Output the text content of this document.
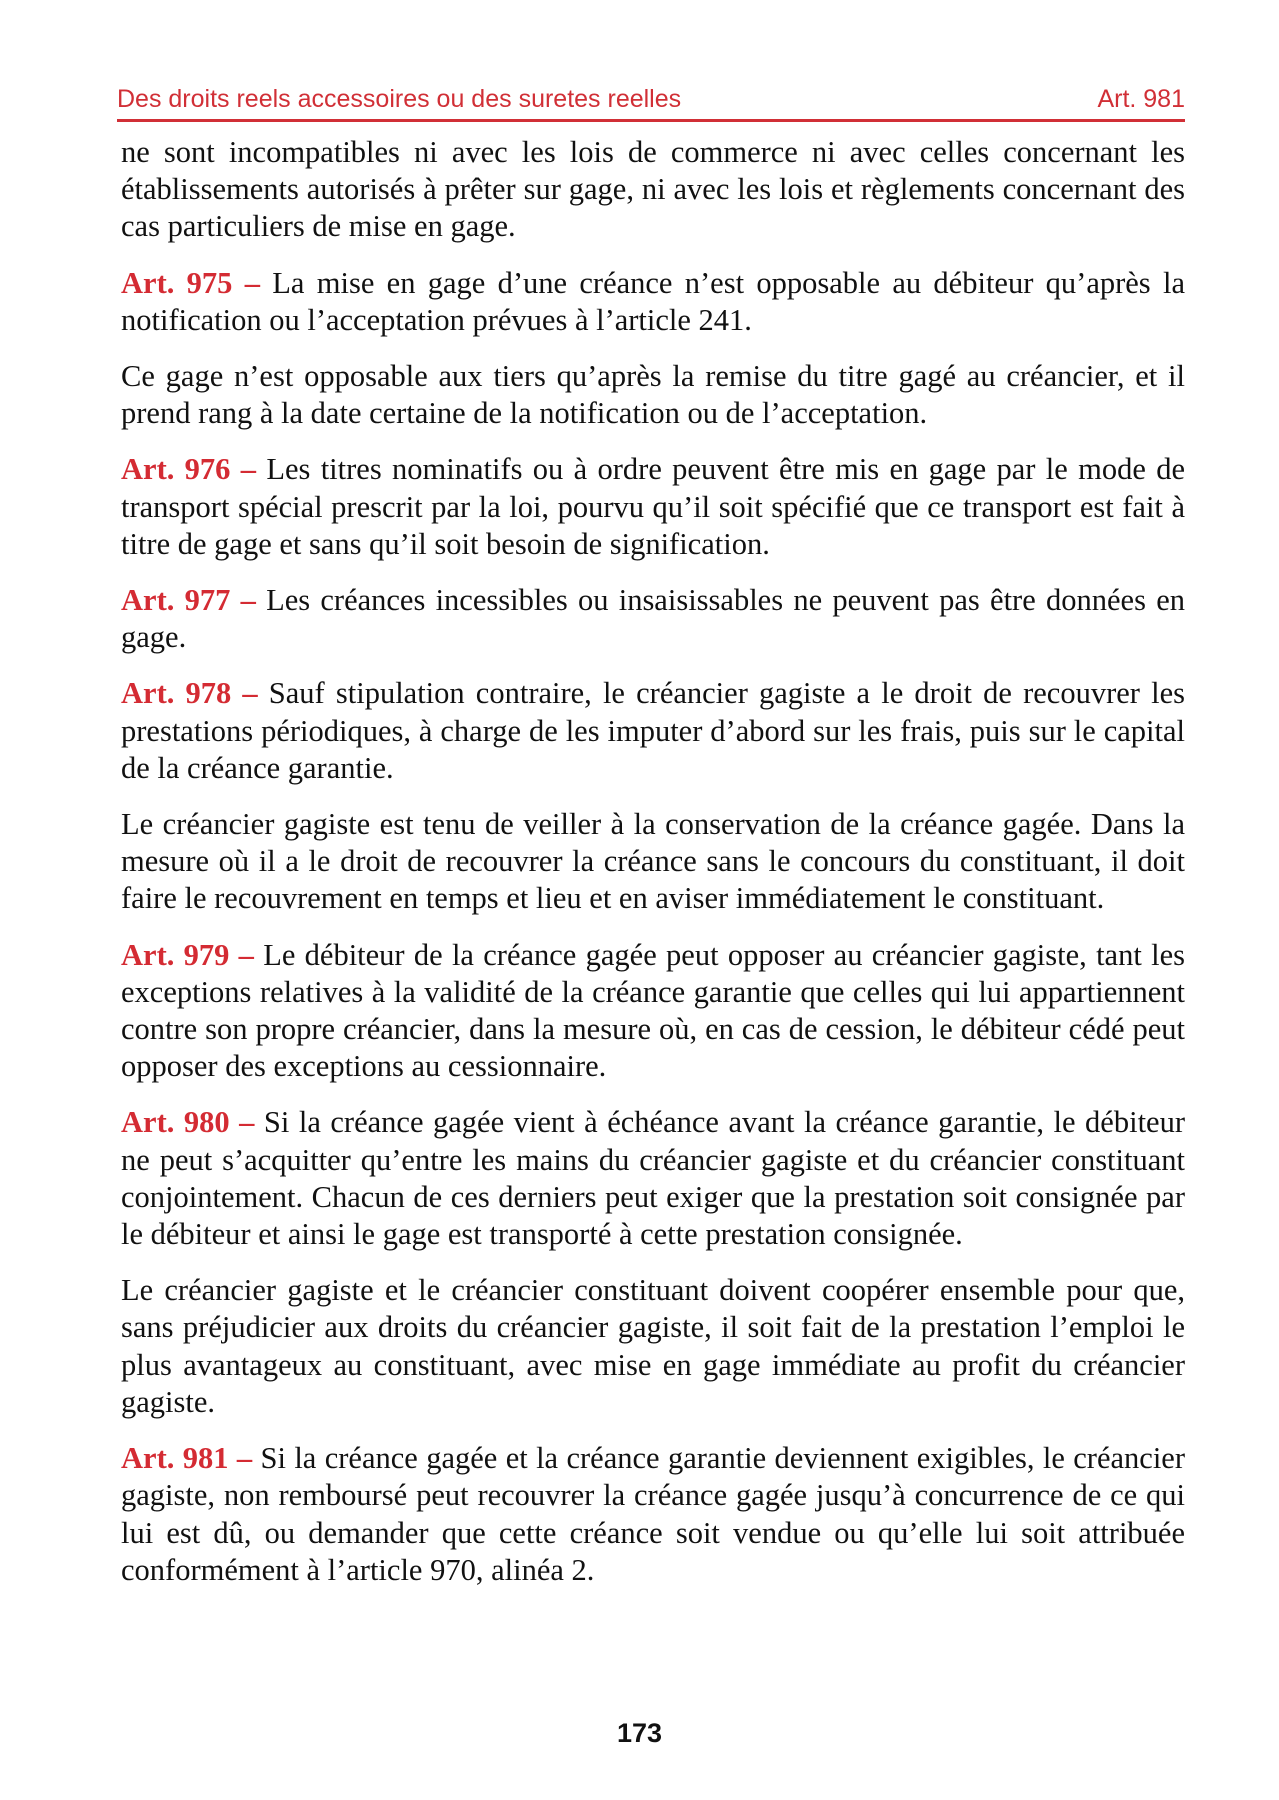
Des droits reels accessoires ou des suretes reelles	Art. 981

ne sont incompatibles ni avec les lois de commerce ni avec celles concernant les établissements autorisés à prêter sur gage, ni avec les lois et règlements concernant des cas particuliers de mise en gage.

Art. 975 – La mise en gage d’une créance n’est opposable au débiteur qu’après la notification ou l’acceptation prévues à l’article 241.

Ce gage n’est opposable aux tiers qu’après la remise du titre gagé au créancier, et il prend rang à la date certaine de la notification ou de l’acceptation.

Art. 976 – Les titres nominatifs ou à ordre peuvent être mis en gage par le mode de transport spécial prescrit par la loi, pourvu qu’il soit spécifié que ce transport est fait à titre de gage et sans qu’il soit besoin de signification.

Art. 977 – Les créances incessibles ou insaisissables ne peuvent pas être données en gage.

Art. 978 – Sauf stipulation contraire, le créancier gagiste a le droit de recouvrer les prestations périodiques, à charge de les imputer d’abord sur les frais, puis sur le capital de la créance garantie.

Le créancier gagiste est tenu de veiller à la conservation de la créance gagée. Dans la mesure où il a le droit de recouvrer la créance sans le concours du constituant, il doit faire le recouvrement en temps et lieu et en aviser immédiatement le constituant.

Art. 979 – Le débiteur de la créance gagée peut opposer au créancier gagiste, tant les exceptions relatives à la validité de la créance garantie que celles qui lui appartiennent contre son propre créancier, dans la mesure où, en cas de cession, le débiteur cédé peut opposer des exceptions au cessionnaire.

Art. 980 – Si la créance gagée vient à échéance avant la créance garantie, le débiteur ne peut s’acquitter qu’entre les mains du créancier gagiste et du créancier constituant conjointement. Chacun de ces derniers peut exiger que la prestation soit consignée par le débiteur et ainsi le gage est transporté à cette prestation consignée.

Le créancier gagiste et le créancier constituant doivent coopérer ensemble pour que, sans préjudicier aux droits du créancier gagiste, il soit fait de la prestation l’emploi le plus avantageux au constituant, avec mise en gage immédiate au profit du créancier gagiste.

Art. 981 – Si la créance gagée et la créance garantie deviennent exigibles, le créancier gagiste, non remboursé peut recouvrer la créance gagée jusqu’à concurrence de ce qui lui est dû, ou demander que cette créance soit vendue ou qu’elle lui soit attribuée conformément à l’article 970, alinéa 2.

173
